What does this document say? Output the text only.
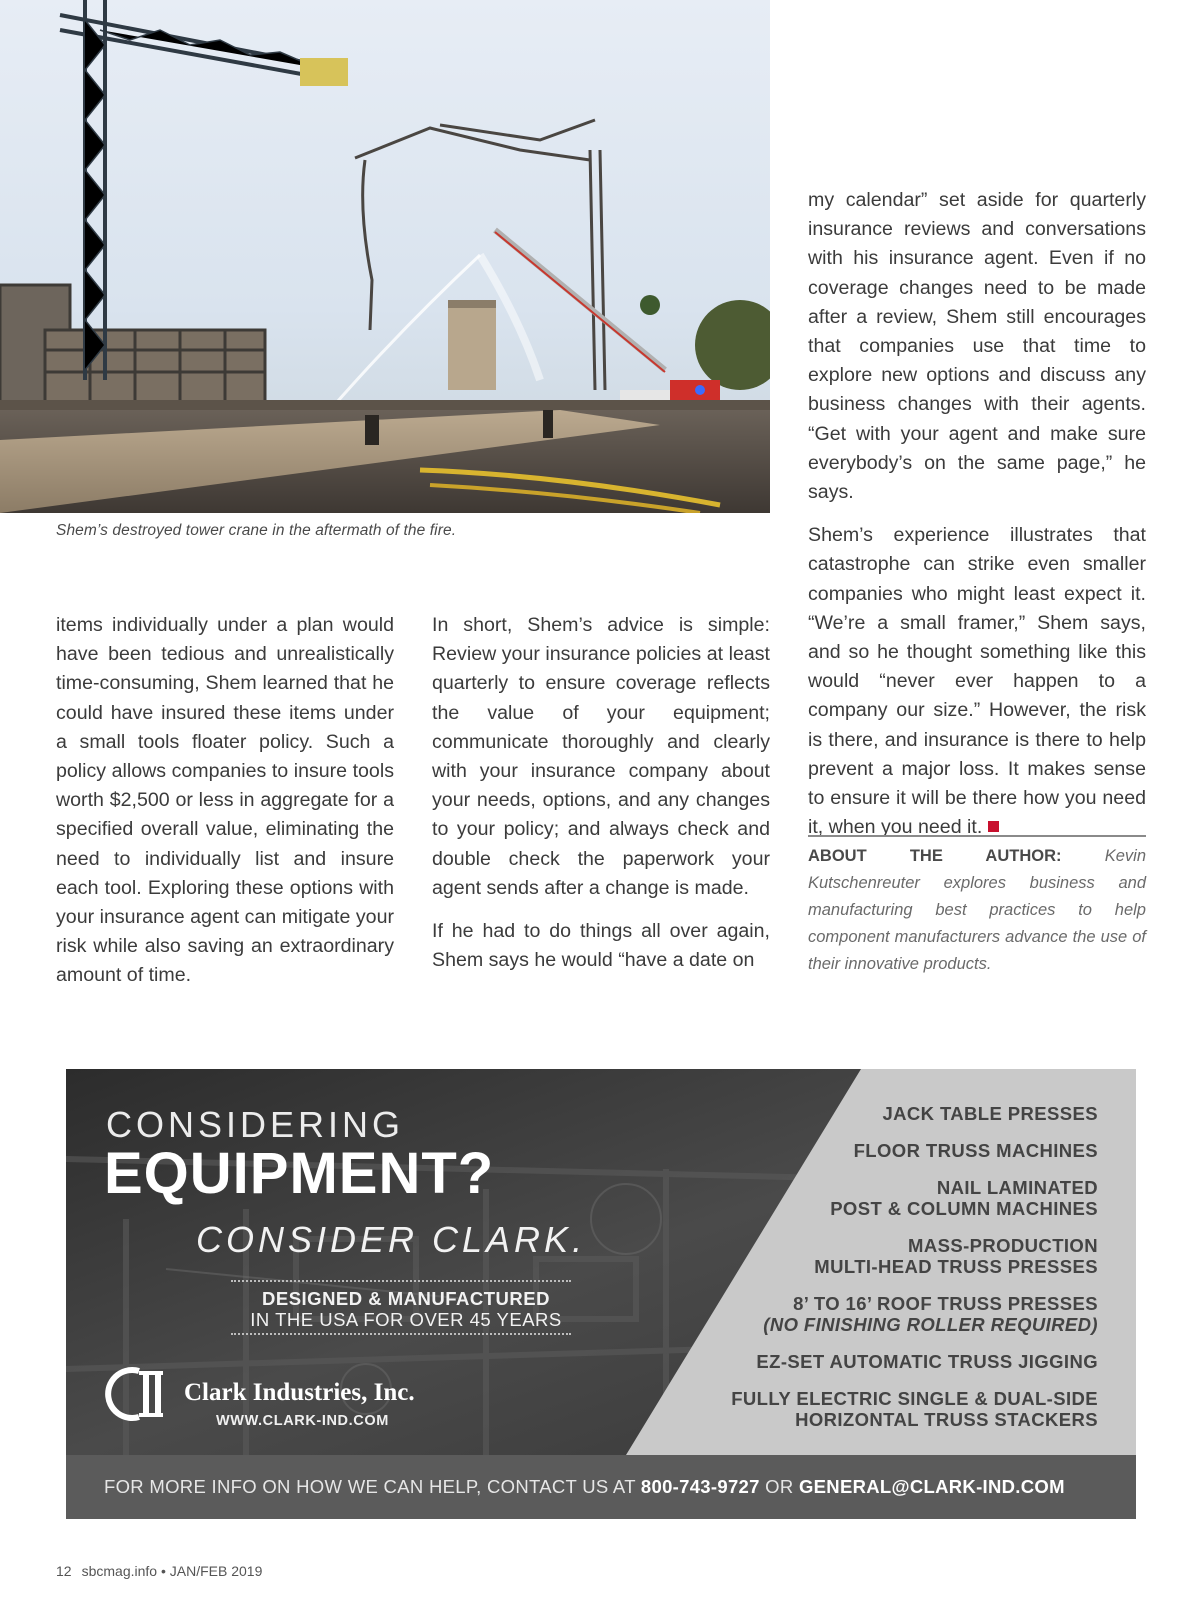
Shem’s destroyed tower crane in the aftermath of the fire.

items individually under a plan would have been tedious and unrealistically time-consuming, Shem learned that he could have insured these items under a small tools floater policy. Such a policy allows companies to insure tools worth $2,500 or less in aggregate for a specified overall value, eliminating the need to individually list and insure each tool. Exploring these options with your insurance agent can mitigate your risk while also saving an extraordinary amount of time.

In short, Shem’s advice is simple: Review your insurance policies at least quarterly to ensure coverage reflects the value of your equipment; communicate thoroughly and clearly with your insurance company about your needs, options, and any changes to your policy; and always check and double check the paperwork your agent sends after a change is made.

If he had to do things all over again, Shem says he would “have a date on

my calendar” set aside for quarterly insurance reviews and conversations with his insurance agent. Even if no coverage changes need to be made after a review, Shem still encourages that companies use that time to explore new options and discuss any business changes with their agents. “Get with your agent and make sure everybody’s on the same page,” he says.

Shem’s experience illustrates that catastrophe can strike even smaller companies who might least expect it. “We’re a small framer,” Shem says, and so he thought something like this would “never ever happen to a company our size.” However, the risk is there, and insurance is there to help prevent a major loss. It makes sense to ensure it will be there how you need it, when you need it.

ABOUT THE AUTHOR:	Kevin Kutschenreuter explores business and manufacturing best practices to help component manufacturers advance the use of their innovative products.
CONSIDERING
EQUIPMENT?
CONSIDER CLARK.
DESIGNED & MANUFACTURED
IN THE USA FOR OVER 45 YEARS
Clark Industries, Inc.
WWW.CLARK-IND.COM
JACK TABLE PRESSES
FLOOR TRUSS MACHINES
NAIL LAMINATED
POST & COLUMN MACHINES
MASS-PRODUCTION
MULTI-HEAD TRUSS PRESSES
8’ TO 16’ ROOF TRUSS PRESSES
(NO FINISHING ROLLER REQUIRED)
EZ-SET AUTOMATIC TRUSS JIGGING
FULLY ELECTRIC SINGLE & DUAL-SIDE
HORIZONTAL TRUSS STACKERS
FOR MORE INFO ON HOW WE CAN HELP, CONTACT US AT 800-743-9727 OR GENERAL@CLARK-IND.COM
12 sbcmag.info • JAN/FEB 2019
